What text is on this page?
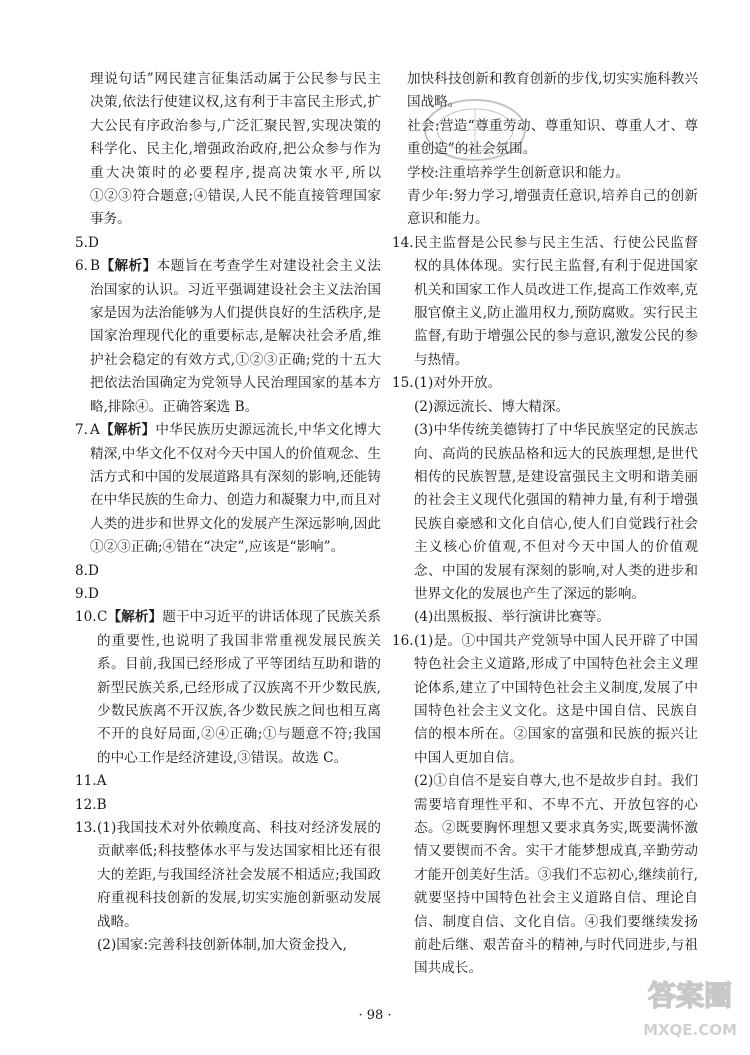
理说句话”网民建言征集活动属于公民参与民主决策,依法行使建议权,这有利于丰富民主形式,扩大公民有序政治参与,广泛汇聚民智,实现决策的科学化、民主化,增强政治政府,把公众参与作为重大决策时的必要程序,提高决策水平,所以①②③符合题意;④错误,人民不能直接管理国家事务。
5.D
6. B【解析】本题旨在考查学生对建设社会主义法治国家的认识。习近平强调建设社会主义法治国家是因为法治能够为人们提供良好的生活秩序,是国家治理现代化的重要标志,是解决社会矛盾,维护社会稳定的有效方式,①②③正确;党的十五大把依法治国确定为党领导人民治理国家的基本方略,排除④。正确答案选 B。
7. A【解析】中华民族历史源远流长,中华文化博大精深,中华文化不仅对今天中国人的价值观念、生活方式和中国的发展道路具有深刻的影响,还能铸在中华民族的生命力、创造力和凝聚力中,而且对人类的进步和世界文化的发展产生深远影响,因此①②③正确;④错在“决定”,应该是“影响”。
8.D
9.D
10. C【解析】题干中习近平的讲话体现了民族关系的重要性,也说明了我国非常重视发展民族关系。目前,我国已经形成了平等团结互助和谐的新型民族关系,已经形成了汉族离不开少数民族,少数民族离不开汉族,各少数民族之间也相互离不开的良好局面,②④正确;①与题意不符;我国的中心工作是经济建设,③错误。故选 C。
11.A
12.B
13. (1)我国技术对外依赖度高、科技对经济发展的贡献率低;科技整体水平与发达国家相比还有很大的差距,与我国经济社会发展不相适应;我国政府重视科技创新的发展,切实实施创新驱动发展战略。
(2)国家:完善科技创新体制,加大资金投入,
加快科技创新和教育创新的步伐,切实实施科教兴国战略。
社会:营造“尊重劳动、尊重知识、尊重人才、尊重创造”的社会氛围。
学校:注重培养学生创新意识和能力。
青少年:努力学习,增强责任意识,培养自己的创新意识和能力。
14. 民主监督是公民参与民主生活、行使公民监督权的具体体现。实行民主监督,有利于促进国家机关和国家工作人员改进工作,提高工作效率,克服官僚主义,防止滥用权力,预防腐败。实行民主监督,有助于增强公民的参与意识,激发公民的参与热情。
15. (1)对外开放。
(2)源远流长、博大精深。
(3)中华传统美德铸打了中华民族坚定的民族志向、高尚的民族品格和远大的民族理想,是世代相传的民族智慧,是建设富强民主文明和谐美丽的社会主义现代化强国的精神力量,有利于增强民族自豪感和文化自信心,使人们自觉践行社会主义核心价值观,不但对今天中国人的价值观念、中国的发展有深刻的影响,对人类的进步和世界文化的发展也产生了深远的影响。
(4)出黑板报、举行演讲比赛等。
16. (1)是。①中国共产党领导中国人民开辟了中国特色社会主义道路,形成了中国特色社会主义理论体系,建立了中国特色社会主义制度,发展了中国特色社会主义文化。这是中国自信、民族自信的根本所在。②国家的富强和民族的振兴让中国人更加自信。
(2)①自信不是妄自尊大,也不是故步自封。我们需要培育理性平和、不卑不亢、开放包容的心态。②既要胸怀理想又要求真务实,既要满怀激情又要锲而不舍。实干才能梦想成真,辛勤劳动才能开创美好生活。③我们不忘初心,继续前行,就要坚持中国特色社会主义道路自信、理论自信、制度自信、文化自信。④我们要继续发扬前赴后继、艰苦奋斗的精神,与时代同进步,与祖国共成长。
· 98 ·
答案圈
MXQE.COM
